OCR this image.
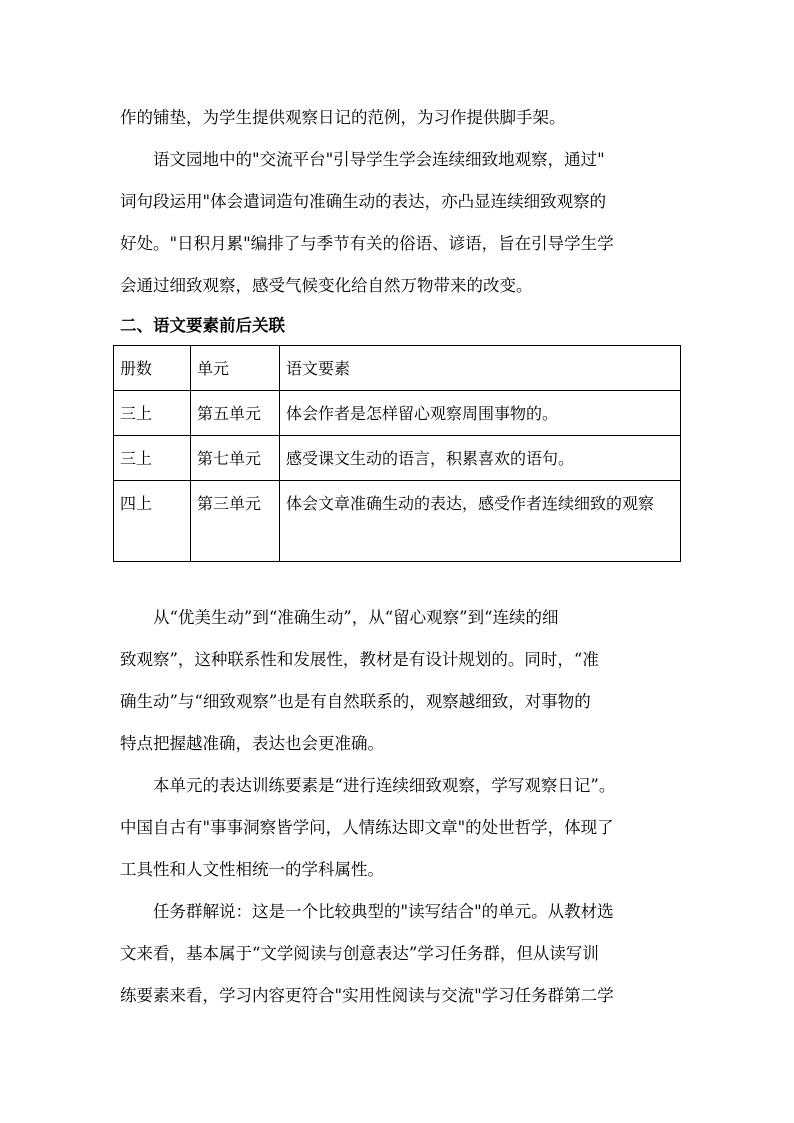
作的铺垫，为学生提供观察日记的范例，为习作提供脚手架。
语文园地中的"交流平台"引导学生学会连续细致地观察，通过"
词句段运用"体会遣词造句准确生动的表达，亦凸显连续细致观察的
好处。"日积月累"编排了与季节有关的俗语、谚语，旨在引导学生学
会通过细致观察，感受气候变化给自然万物带来的改变。
二、语文要素前后关联
册数	单元	语文要素
三上	第五单元	体会作者是怎样留心观察周围事物的。
三上	第七单元	感受课文生动的语言，积累喜欢的语句。
四上	第三单元	体会文章准确生动的表达，感受作者连续细致的观察
从“优美生动”到“准确生动”，从“留心观察”到“连续的细
致观察”，这种联系性和发展性，教材是有设计规划的。同时，“准
确生动”与“细致观察”也是有自然联系的，观察越细致，对事物的
特点把握越准确，表达也会更准确。
本单元的表达训练要素是“进行连续细致观察，学写观察日记”。
中国自古有"事事洞察皆学问，人情练达即文章"的处世哲学，体现了
工具性和人文性相统一的学科属性。
任务群解说：这是一个比较典型的"读写结合"的单元。从教材选
文来看，基本属于“文学阅读与创意表达”学习任务群，但从读写训
练要素来看，学习内容更符合"实用性阅读与交流"学习任务群第二学
